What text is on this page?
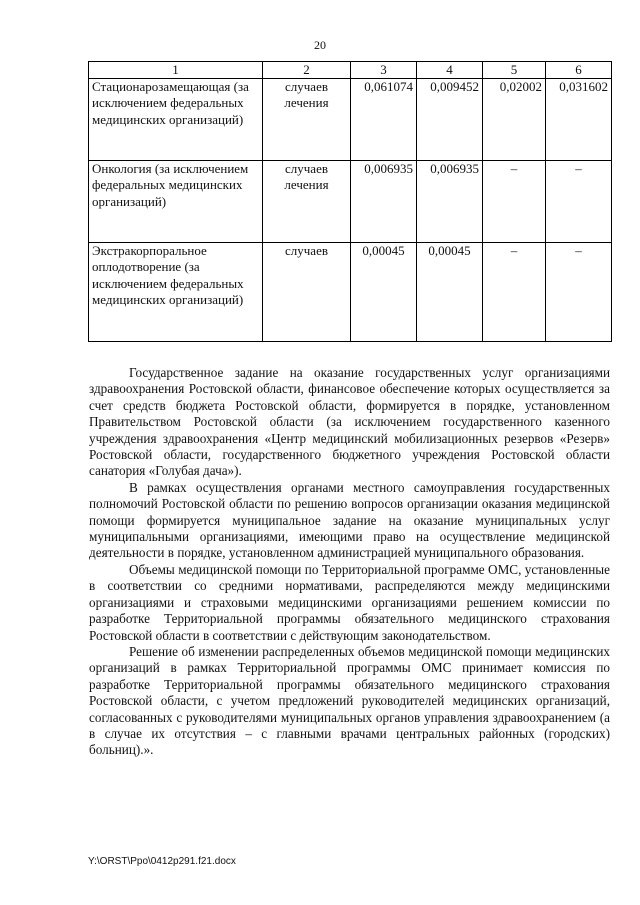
20
1	2	3	4	5	6
Стационарозамещающая (за исключением федеральных медицинских организаций)	случаев лечения	0,061074	0,009452	0,02002	0,031602
Онкология (за исключением федеральных медицинских организаций)	случаев лечения	0,006935	0,006935	–	–
Экстракорпоральное оплодотворение (за исключением федеральных медицинских организаций)	случаев	0,00045	0,00045	–	–

Государственное задание на оказание государственных услуг организациями здравоохранения Ростовской области, финансовое обеспечение которых осуществляется за счет средств бюджета Ростовской области, формируется в порядке, установленном Правительством Ростовской области (за исключением государственного казенного учреждения здравоохранения «Центр медицинский мобилизационных резервов «Резерв» Ростовской области, государственного бюджетного учреждения Ростовской области санатория «Голубая дача»).

В рамках осуществления органами местного самоуправления государственных полномочий Ростовской области по решению вопросов организации оказания медицинской помощи формируется муниципальное задание на оказание муниципальных услуг муниципальными организациями, имеющими право на осуществление медицинской деятельности в порядке, установленном администрацией муниципального образования.

Объемы медицинской помощи по Территориальной программе ОМС, установленные в соответствии со средними нормативами, распределяются между медицинскими организациями и страховыми медицинскими организациями решением комиссии по разработке Территориальной программы обязательного медицинского страхования Ростовской области в соответствии с действующим законодательством.

Решение об изменении распределенных объемов медицинской помощи медицинских организаций в рамках Территориальной программы ОМС принимает комиссия по разработке Территориальной программы обязательного медицинского страхования Ростовской области, с учетом предложений руководителей медицинских организаций, согласованных с руководителями муниципальных органов управления здравоохранением (а в случае их отсутствия – с главными врачами центральных районных (городских) больниц).».

Y:\ORST\Ppo\0412p291.f21.docx
